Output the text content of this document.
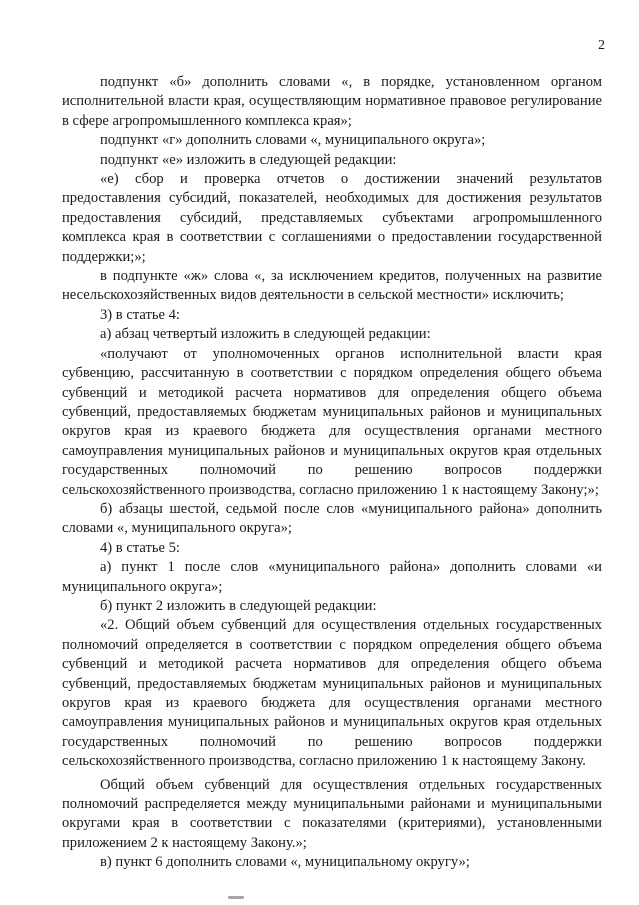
2

подпункт «б» дополнить словами «, в порядке, установленном органом исполнительной власти края, осуществляющим нормативное правовое регулирование в сфере агропромышленного комплекса края»;

подпункт «г» дополнить словами «, муниципального округа»;

подпункт «е» изложить в следующей редакции:

«е) сбор и проверка отчетов о достижении значений результатов предоставления субсидий, показателей, необходимых для достижения результатов предоставления субсидий, представляемых субъектами агропромышленного комплекса края в соответствии с соглашениями о предоставлении государственной поддержки;»;

в подпункте «ж» слова «, за исключением кредитов, полученных на развитие несельскохозяйственных видов деятельности в сельской местности» исключить;

3) в статье 4:

а) абзац четвертый изложить в следующей редакции:

«получают от уполномоченных органов исполнительной власти края субвенцию, рассчитанную в соответствии с порядком определения общего объема субвенций и методикой расчета нормативов для определения общего объема субвенций, предоставляемых бюджетам муниципальных районов и муниципальных округов края из краевого бюджета для осуществления органами местного самоуправления муниципальных районов и муниципальных округов края отдельных государственных полномочий по решению вопросов поддержки сельскохозяйственного производства, согласно приложению 1 к настоящему Закону;»;

б) абзацы шестой, седьмой после слов «муниципального района» дополнить словами «, муниципального округа»;

4) в статье 5:

а) пункт 1 после слов «муниципального района» дополнить словами «и муниципального округа»;

б) пункт 2 изложить в следующей редакции:

«2. Общий объем субвенций для осуществления отдельных государственных полномочий определяется в соответствии с порядком определения общего объема субвенций и методикой расчета нормативов для определения общего объема субвенций, предоставляемых бюджетам муниципальных районов и муниципальных округов края из краевого бюджета для осуществления органами местного самоуправления муниципальных районов и муниципальных округов края отдельных государственных полномочий по решению вопросов поддержки сельскохозяйственного производства, согласно приложению 1 к настоящему Закону.

Общий объем субвенций для осуществления отдельных государственных полномочий распределяется между муниципальными районами и муниципальными округами края в соответствии с показателями (критериями), установленными приложением 2 к настоящему Закону.»;

в) пункт 6 дополнить словами «, муниципальному округу»;
